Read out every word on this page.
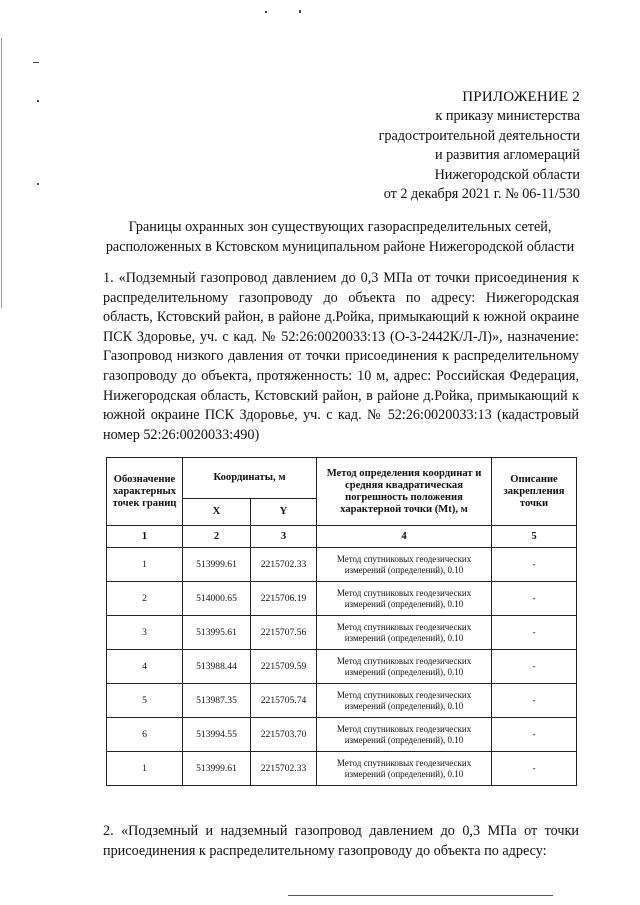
ПРИЛОЖЕНИЕ 2
к приказу министерства
градостроительной деятельности
и развития агломераций
Нижегородской области
от 2 декабря 2021 г. № 06-11/530
Границы охранных зон существующих газораспределительных сетей,
расположенных в Кстовском муниципальном районе Нижегородской области
1. «Подземный газопровод давлением до 0,3 МПа от точки присоединения к распределительному газопроводу до объекта по адресу: Нижегородская область, Кстовский район, в районе д.Ройка, примыкающий к южной окраине ПСК Здоровье, уч. с кад. № 52:26:0020033:13 (О-3-2442К/Л-Л)», назначение: Газопровод низкого давления от точки присоединения к распределительному газопроводу до объекта, протяженность: 10 м, адрес: Российская Федерация, Нижегородская область, Кстовский район, в районе д.Ройка, примыкающий к южной окраине ПСК Здоровье, уч. с кад. № 52:26:0020033:13 (кадастровый номер 52:26:0020033:490)
Обозначение характерных точек границ	Координаты, м		Метод определения координат и средняя квадратическая погрешность положения характерной точки (Мt), м	Описание закрепления точки
	X	Y		
1	2	3	4	5
1	513999.61	2215702.33	Метод спутниковых геодезических измерений (определений), 0.10	-
2	514000.65	2215706.19	Метод спутниковых геодезических измерений (определений), 0.10	-
3	513995.61	2215707.56	Метод спутниковых геодезических измерений (определений), 0.10	-
4	513988.44	2215709.59	Метод спутниковых геодезических измерений (определений), 0.10	-
5	513987.35	2215705.74	Метод спутниковых геодезических измерений (определений), 0.10	-
6	513994.55	2215703.70	Метод спутниковых геодезических измерений (определений), 0.10	-
1	513999.61	2215702.33	Метод спутниковых геодезических измерений (определений), 0.10	-
2. «Подземный и надземный газопровод давлением до 0,3 МПа от точки присоединения к распределительному газопроводу до объекта по адресу:
